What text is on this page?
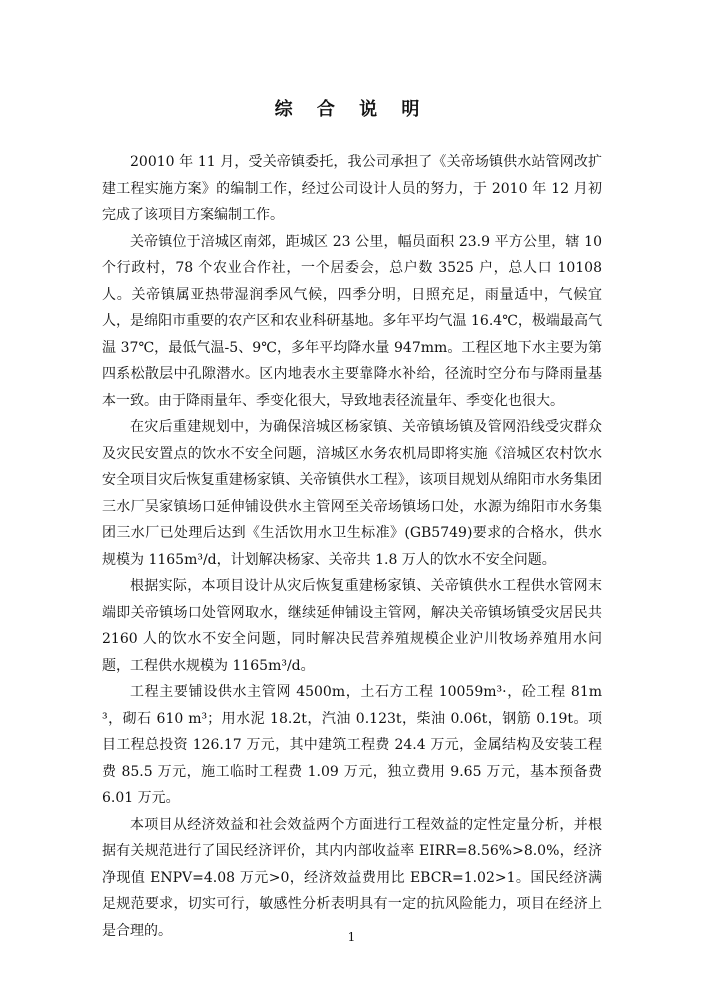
综 合 说 明

20010 年 11 月，受关帝镇委托，我公司承担了《关帝场镇供水站管网改扩建工程实施方案》的编制工作，经过公司设计人员的努力，于 2010 年 12 月初完成了该项目方案编制工作。

关帝镇位于涪城区南郊，距城区 23 公里，幅员面积 23.9 平方公里，辖 10 个行政村，78 个农业合作社，一个居委会，总户数 3525 户，总人口 10108 人。关帝镇属亚热带湿润季风气候，四季分明，日照充足，雨量适中，气候宜人，是绵阳市重要的农产区和农业科研基地。多年平均气温 16.4℃，极端最高气温 37℃，最低气温-5、9℃，多年平均降水量 947mm。工程区地下水主要为第四系松散层中孔隙潜水。区内地表水主要靠降水补给，径流时空分布与降雨量基本一致。由于降雨量年、季变化很大，导致地表径流量年、季变化也很大。

在灾后重建规划中，为确保涪城区杨家镇、关帝镇场镇及管网沿线受灾群众及灾民安置点的饮水不安全问题，涪城区水务农机局即将实施《涪城区农村饮水安全项目灾后恢复重建杨家镇、关帝镇供水工程》，该项目规划从绵阳市水务集团三水厂吴家镇场口延伸铺设供水主管网至关帝场镇场口处，水源为绵阳市水务集团三水厂已处理后达到《生活饮用水卫生标准》(GB5749)要求的合格水，供水规模为 1165m³/d，计划解决杨家、关帝共 1.8 万人的饮水不安全问题。

根据实际，本项目设计从灾后恢复重建杨家镇、关帝镇供水工程供水管网末端即关帝镇场口处管网取水，继续延伸铺设主管网，解决关帝镇场镇受灾居民共 2160 人的饮水不安全问题，同时解决民营养殖规模企业沪川牧场养殖用水问题，工程供水规模为 1165m³/d。

工程主要铺设供水主管网 4500m，土石方工程 10059m³·，砼工程 81m³，砌石 610 m³；用水泥 18.2t，汽油 0.123t，柴油 0.06t，钢筋 0.19t。项目工程总投资 126.17 万元，其中建筑工程费 24.4 万元，金属结构及安装工程费 85.5 万元，施工临时工程费 1.09 万元，独立费用 9.65 万元，基本预备费 6.01 万元。

本项目从经济效益和社会效益两个方面进行工程效益的定性定量分析，并根据有关规范进行了国民经济评价，其内内部收益率 EIRR=8.56%>8.0%，经济净现值 ENPV=4.08 万元>0，经济效益费用比 EBCR=1.02>1。国民经济满足规范要求，切实可行，敏感性分析表明具有一定的抗风险能力，项目在经济上是合理的。	1
